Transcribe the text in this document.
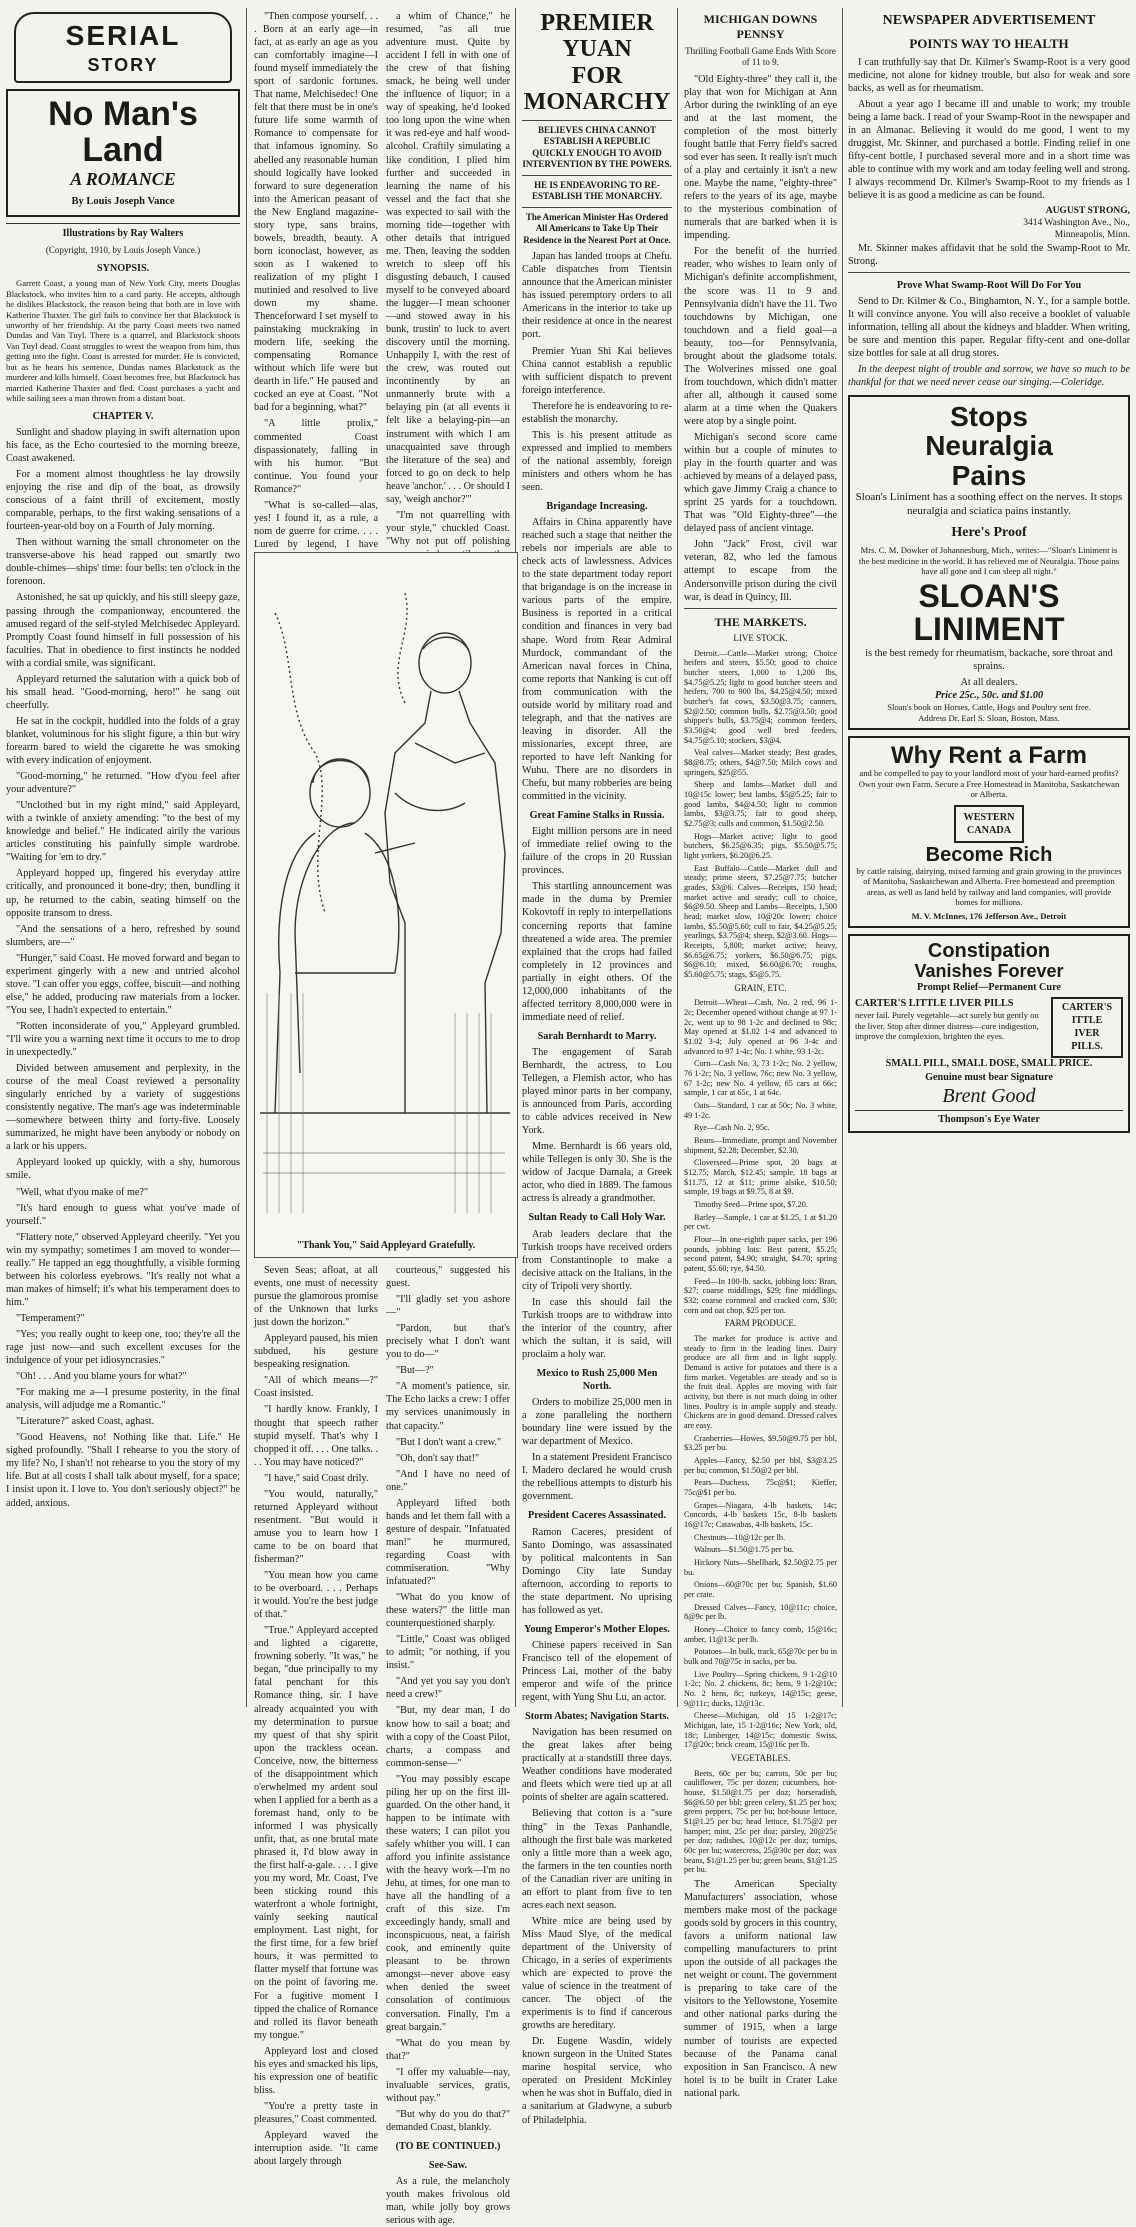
SERIAL
STORY
No Man's
Land
A ROMANCE
By Louis Joseph Vance
Illustrations by Ray Walters
(Copyright, 1910, by Louis Joseph Vance.)
SYNOPSIS.

Garrett Coast, a young man of New York City, meets Douglas Blackstock, who invites him to a card party. He accepts, although he dislikes Blackstock, the reason being that both are in love with Katherine Thaxter. The girl fails to convince her that Blackstock is unworthy of her friendship. At the party Coast meets two named Dundas and Van Tuyl. There is a quarrel, and Blackstock shoots Van Tuyl dead. Coast struggles to wrest the weapon from him, thus getting into the fight. Coast is arrested for murder. He is convicted, but as he hears his sentence, Dundas names Blackstock as the murderer and kills himself. Coast becomes free, but Blackstock has married Katherine Thaxter and fled. Coast purchases a yacht and while sailing sees a man thrown from a distant boat.

CHAPTER V.

Sunlight and shadow playing in swift alternation upon his face, as the Echo courtesied to the morning breeze, Coast awakened.

For a moment almost thoughtless he lay drowsily enjoying the rise and dip of the boat, as drowsily conscious of a faint thrill of excitement, mostly comparable, perhaps, to the first waking sensations of a fourteen-year-old boy on a Fourth of July morning.

Then without warning the small chronometer on the transverse-above his head rapped out smartly two double-chimes—ships' time: four bells: ten o'clock in the forenoon.

Astonished, he sat up quickly, and his still sleepy gaze, passing through the companionway, encountered the amused regard of the self-styled Melchisedec Appleyard. Promptly Coast found himself in full possession of his faculties. That in obedience to first instincts he nodded with a cordial smile, was significant.

Appleyard returned the salutation with a quick bob of his small head. "Good-morning, hero!" he sang out cheerfully.

He sat in the cockpit, huddled into the folds of a gray blanket, voluminous for his slight figure, a thin but wiry forearm bared to wield the cigarette he was smoking with every indication of enjoyment.

"Good-morning," he returned. "How d'you feel after your adventure?"

"Unclothed but in my right mind," said Appleyard, with a twinkle of anxiety amending: "to the best of my knowledge and belief." He indicated airily the various articles constituting his painfully simple wardrobe. "Waiting for 'em to dry."

Appleyard hopped up, fingered his everyday attire critically, and pronounced it bone-dry; then, bundling it up, he returned to the cabin, seating himself on the opposite transom to dress.

"And the sensations of a hero, refreshed by sound slumbers, are—"

"Hunger," said Coast. He moved forward and began to experiment gingerly with a new and untried alcohol stove. "I can offer you eggs, coffee, biscuit—and nothing else," he added, producing raw materials from a locker. "You see, I hadn't expected to entertain."

"Rotten inconsiderate of you," Appleyard grumbled. "I'll wire you a warning next time it occurs to me to drop in unexpectedly."

Divided between amusement and perplexity, in the course of the meal Coast reviewed a personality singularly enriched by a variety of suggestions consistently negative. The man's age was indeterminable—somewhere between thirty and forty-five. Loosely summarized, he might have been anybody or nobody on a lark or his uppers.

Appleyard looked up quickly, with a shy, humorous smile.

"Well, what d'you make of me?"

"It's hard enough to guess what you've made of yourself."

"Flattery note," observed Appleyard cheerily. "Yet you win my sympathy; sometimes I am moved to wonder—really." He tapped an egg thoughtfully, a visible forming between his colorless eyebrows. "It's really not what a man makes of himself; it's what his temperament does to him."

"Temperament?"

"Yes; you really ought to keep one, too; they're all the rage just now—and such excellent excuses for the indulgence of your pet idiosyncrasies."

"Oh! . . . And you blame yours for what?"

"For making me a—I presume posterity, in the final analysis, will adjudge me a Romantic."

"Literature?" asked Coast, aghast.

"Good Heavens, no! Nothing like that. Life." He sighed profoundly. "Shall I rehearse to you the story of my life? No, I shan't! not rehearse to you the story of my life. But at all costs I shall talk about myself, for a space; I insist upon it. I love to. You don't seriously object?" he added, anxious.

"Then compose yourself. . . . Born at an early age—in fact, at as early an age as you can comfortably imagine—I found myself immediately the sport of sardonic fortunes. That name, Melchisedec! One felt that there must be in one's future life some warmth of Romance to compensate for that infamous ignominy. So abelled any reasonable human should logically have looked forward to sure degeneration into the American peasant of the New England magazine-story type, sans brains, bowels, breadth, beauty. A born iconoclast, however, as soon as I wakened to realization of my plight I mutinied and resolved to live down my shame. Thenceforward I set myself to painstaking muckraking in modern life, seeking the compensating Romance without which life were but dearth in life." He paused and cocked an eye at Coast. "Not bad for a beginning, what?"

"A little prolix," commented Coast dispassionately, falling in with his humor. "But continue. You found your Romance?"

"What is so-called—alas, yes! I found it, as a rule, a nom de guerre for crime. . . . Lured by legend, I have

a whim of Chance," he resumed, "as all true adventure must. Quite by accident I fell in with one of the crew of that fishing smack, he being well under the influence of liquor; in a way of speaking, he'd looked too long upon the wine when it was red-eye and half wood-alcohol. Craftily simulating a like condition, I plied him further and succeeded in learning the name of his vessel and the fact that she was expected to sail with the morning tide—together with other details that intrigued me. Then, leaving the sodden wretch to sleep off his disgusting debauch, I caused myself to be conveyed aboard the lugger—I mean schooner—and stowed away in his bunk, trustin' to luck to avert discovery until the morning. Unhappily I, with the rest of the crew, was routed out incontinently by an unmannerly brute with a belaying pin (at all events it felt like a belaying-pin—an instrument with which I am unacquainted save through the literature of the sea) and forced to go on deck to help heave 'anchor.' . . . Or should I say, 'weigh anchor?'"

"I'm not quarrelling with your style," chuckled Coast. "Why not put off polishing

"Thank You," Said Appleyard Gratefully.

Seven Seas; afloat, at all events, one must of necessity pursue the glamorous promise of the Unknown that lurks just down the horizon."

Appleyard paused, his mien subdued, his gesture bespeaking resignation.

"All of which means—?" Coast insisted.

"I hardly know. Frankly, I thought that speech rather stupid myself. That's why I chopped it off. . . . One talks. . . . You may have noticed?"

"I have," said Coast drily.

"You would, naturally," returned Appleyard without resentment. "But would it amuse you to learn how I came to be on board that fisherman?"

"You mean how you came to be overboard. . . . Perhaps it would. You're the best judge of that."

"True." Appleyard accepted and lighted a cigarette, frowning soberly. "It was," he began, "due principally to my fatal penchant for this Romance thing, sir. I have already acquainted you with my determination to pursue my quest of that shy spirit upon the trackless ocean. Conceive, now, the bitterness of the disappointment which o'erwhelmed my ardent soul when I applied for a berth as a foremast hand, only to be informed I was physically unfit, that, as one brutal mate phrased it, I'd blow away in the first half-a-gale. . . . I give you my word, Mr. Coast, I've been sticking round this waterfront a whole fortnight, vainly seeking nautical employment. Last night, for the first time, for a few brief hours, it was permitted to flatter myself that fortune was on the point of favoring me. For a fugitive moment I tipped the chalice of Romance and rolled its flavor beneath my tongue."

Appleyard lost and closed his eyes and smacked his lips, his expression one of beatific bliss.

"You're a pretty taste in pleasures," Coast commented.

Appleyard waved the interruption aside. "It came about largely through

courteous," suggested his guest.

"I'll gladly set you ashore—"

"Pardon, but that's precisely what I don't want you to do—"

"But—?"

"A moment's patience, sir. The Echo lacks a crew: I offer my services unanimously in that capacity."

"But I don't want a crew."

"Oh, don't say that!"

"And I have no need of one."

Appleyard lifted both hands and let them fall with a gesture of despair. "Infatuated man!" he murmured, regarding Coast with commiseration. "Why infatuated?"

"What do you know of these waters?" the little man counterquestioned sharply.

"Little," Coast was obliged to admit; "or nothing, if you insist."

"And yet you say you don't need a crew!"

"But, my dear man, I do know how to sail a boat; and with a copy of the Coast Pilot, charts, a compass and common-sense—"

"You may possibly escape piling her up on the first ill-guarded. On the other hand, it happen to be intimate with these waters; I can pilot you safely whither you will. I can afford you infinite assistance with the heavy work—I'm no Jehu, at times, for one man to have all the handling of a craft of this size. I'm exceedingly handy, small and inconspicuous, neat, a fairish cook, and eminently quite pleasant to be thrown amongst—never above easy when denied the sweet consolation of continuous conversation. Finally, I'm a great bargain."

"What do you mean by that?"

"I offer my valuable—nay, invaluable services, gratis, without pay."

"But why do you do that?" demanded Coast, blankly.

(TO BE CONTINUED.)
See-Saw.

As a rule, the melancholy youth makes frivolous old man, while jolly boy grows serious with age.

PREMIER YUAN
FOR MONARCHY
BELIEVES CHINA CANNOT ESTABLISH A REPUBLIC QUICKLY ENOUGH TO AVOID INTERVENTION BY THE POWERS.
HE IS ENDEAVORING TO RE-ESTABLISH THE MONARCHY.
The American Minister Has Ordered All Americans to Take Up Their Residence in the Nearest Port at Once.

Japan has landed troops at Chefu. Cable dispatches from Tientsin announce that the American minister has issued peremptory orders to all Americans in the interior to take up their residence at once in the nearest port.

Premier Yuan Shi Kai believes China cannot establish a republic with sufficient dispatch to prevent foreign interference.

Therefore he is endeavoring to re-establish the monarchy.

This is his present attitude as expressed and implied to members of the national assembly, foreign ministers and others whom he has seen.

Brigandage Increasing.

Affairs in China apparently have reached such a stage that neither the rebels nor imperials are able to check acts of lawlessness. Advices to the state department today report that brigandage is on the increase in various parts of the empire. Business is reported in a critical condition and finances in very bad shape. Word from Rear Admiral Murdock, commandant of the American naval forces in China, come reports that Nanking is cut off from communication with the outside world by military road and telegraph, and that the natives are leaving in disorder. All the missionaries, except three, are reported to have left Nanking for Wuhu. There are no disorders in Chefu, but many robberies are being committed in the vicinity.

Great Famine Stalks in Russia.

Eight million persons are in need of immediate relief owing to the failure of the crops in 20 Russian provinces.

This startling announcement was made in the duma by Premier Kokovtoff in reply to interpellations concerning reports that famine threatened a wide area. The premier explained that the crops had failed completely in 12 provinces and partially in eight others. Of the 12,000,000 inhabitants of the affected territory 8,000,000 were in immediate need of relief.

Sarah Bernhardt to Marry.

The engagement of Sarah Bernhardt, the actress, to Lou Tellegen, a Flemish actor, who has played minor parts in her company, is announced from Paris, according to cable advices received in New York.

Mme. Bernhardt is 66 years old, while Tellegen is only 30. She is the widow of Jacque Damala, a Greek actor, who died in 1889. The famous actress is already a grandmother.

Sultan Ready to Call Holy War.

Arab leaders declare that the Turkish troops have received orders from Constantinople to make a decisive attack on the Italians, in the city of Tripoli very shortly.

In case this should fail the Turkish troops are to withdraw into the interior of the country, after which the sultan, it is said, will proclaim a holy war.

Mexico to Rush 25,000 Men North.

Orders to mobilize 25,000 men in a zone paralleling the northern boundary line were issued by the war department of Mexico.

In a statement President Francisco I. Madero declared he would crush the rebellious attempts to disturb his government.

President Caceres Assassinated.

Ramon Caceres, president of Santo Domingo, was assassinated by political malcontents in San Domingo City late Sunday afternoon, according to reports to the state department. No uprising has followed as yet.

Young Emperor's Mother Elopes.

Chinese papers received in San Francisco tell of the elopement of Princess Lai, mother of the baby emperor and wife of the prince regent, with Yung Shu Lu, an actor.

Storm Abates; Navigation Starts.

Navigation has been resumed on the great lakes after being practically at a standstill three days. Weather conditions have moderated and fleets which were tied up at all points of shelter are again scattered.

Believing that cotton is a "sure thing" in the Texas Panhandle, although the first bale was marketed only a little more than a week ago, the farmers in the ten counties north of the Canadian river are uniting in an effort to plant from five to ten acres each next season.

White mice are being used by Miss Maud Slye, of the medical department of the University of Chicago, in a series of experiments which are expected to prove the value of science in the treatment of cancer. The object of the experiments is to find if cancerous growths are hereditary.

Dr. Eugene Wasdin, widely known surgeon in the United States marine hospital service, who operated on President McKinley when he was shot in Buffalo, died in a sanitarium at Gladwyne, a suburb of Philadelphia.

MICHIGAN DOWNS PENNSY
Thrilling Football Game Ends With Score of 11 to 9.

"Old Eighty-three" they call it, the play that won for Michigan at Ann Arbor during the twinkling of an eye and at the last moment, the completion of the most bitterly fought battle that Ferry field's sacred sod ever has seen. It really isn't much of a play and certainly it isn't a new one. Maybe the name, "eighty-three" refers to the years of its age, maybe to the mysterious combination of numerals that are barked when it is impending.

For the benefit of the hurried reader, who wishes to learn only of Michigan's definite accomplishment, the score was 11 to 9 and Pennsylvania didn't have the 11. Two touchdowns by Michigan, one touchdown and a field goal—a beauty, too—for Pennsylvania, brought about the gladsome totals. The Wolverines missed one goal from touchdown, which didn't matter after all, although it caused some alarm at a time when the Quakers were atop by a single point.

Michigan's second score came within but a couple of minutes to play in the fourth quarter and was achieved by means of a delayed pass, which gave Jimmy Craig a chance to sprint 25 yards for a touchdown. That was "Old Eighty-three"—the delayed pass of ancient vintage.

John "Jack" Frost, civil war veteran, 82, who led the famous attempt to escape from the Andersonville prison during the civil war, is dead in Quincy, Ill.

THE MARKETS.
LIVE STOCK.

Detroit.—Cattle—Market strong; Choice heifers and steers, $5.50; good to choice butcher steers, 1,000 to 1,200 lbs, $4.75@5.25; light to good butcher steers and heifers, 700 to 900 lbs, $4.25@4.50; mixed butcher's fat cows, $3.50@3.75; canners, $2@2.50; common bulls, $2.75@3.50; good shipper's bulls, $3.75@4; common feeders, $3.50@4; good well bred feeders, $4.75@5.10; stockers, $3@4.

Veal calves—Market steady; Best grades, $8@8.75; others, $4@7.50; Milch cows and springers, $25@55.

Sheep and lambs—Market dull and 10@15c lower; best lambs, $5@5.25; fair to good lambs, $4@4.50; light to common lambs, $3@3.75; fair to good sheep, $2.75@3; culls and common, $1.50@2.50.

Hogs—Market active; light to good butchers, $6.25@6.35; pigs, $5.50@5.75; light yorkers, $6.20@6.25.

East Buffalo—Cattle—Market dull and steady; prime steers, $7.25@7.75; butcher grades, $3@6. Calves—Receipts, 150 head; market active and steady; cull to choice, $6@9.50. Sheep and Lambs—Receipts, 1,500 head; market slow, 10@20c lower; choice lambs, $5.50@5.60; cull to fair, $4.25@5.25; yearlings, $3.75@4; sheep, $2@3.60. Hogs—Receipts, 5,800; market active; heavy, $6.65@6.75; yorkers, $6.50@6.75; pigs, $6@6.10; mixed, $6.60@6.70; roughs, $5.60@5.75; stags, $5@5.75.

GRAIN, ETC.

Detroit—Wheat—Cash, No. 2 red, 96 1-2c; December opened without change at 97 1-2c, went up to 98 1-2c and declined to 98c; May opened at $1.02 1-4 and advanced to $1.02 3-4; July opened at 96 3-4c and advanced to 97 1-4c; No. 1 white, 93 1-2c.

Corn—Cash No. 3, 73 1-2c; No. 2 yellow, 76 1-2c; No. 3 yellow, 76c; new No. 3 yellow, 67 1-2c; new No. 4 yellow, 65 cars at 66c; sample, 1 car at 65c, 1 at 64c.

Oats—Standard, 1 car at 50c; No. 3 white, 49 1-2c.

Rye—Cash No. 2, 95c.

Beans—Immediate, prompt and November shipment, $2.28; December, $2.30.

Cloverseed—Prime spot, 20 bags at $12.75; March, $12.45; sample, 18 bags at $11.75, 12 at $11; prime alsike, $10.50; sample, 19 bags at $9.75, 8 at $9.

Timothy Seed—Prime spot, $7.20.

Barley—Sample, 1 car at $1.25, 1 at $1.20 per cwt.

Flour—In one-eighth paper sacks, per 196 pounds, jobbing lots: Best patent, $5.25; second patent, $4.90; straight, $4.70; spring patent, $5.60; rye, $4.50.

Feed—In 100-lb. sacks, jobbing lots: Bran, $27; coarse middlings, $29; fine middlings, $32; coarse cornmeal and cracked corn, $30; corn and oat chop, $25 per ton.

FARM PRODUCE.

The market for produce is active and steady to firm in the leading lines. Dairy produce are all firm and in light supply. Demand is active for potatoes and there is a firm market. Vegetables are steady and so is the fruit deal. Apples are moving with fair activity, but there is not much doing in other lines. Poultry is in ample supply and steady. Chickens are in good demand. Dressed calves are easy.

Cranberries—Howes, $9.50@9.75 per bbl, $3.25 per bu.

Apples—Fancy, $2.50 per bbl, $3@3.25 per bu; common, $1.50@2 per bbl.

Pears—Duchess, 75c@$1; Kieffer, 75c@$1 per bu.

Grapes—Niagara, 4-lb baskets, 14c; Concords, 4-lb baskets 15c, 8-lb baskets 16@17c; Catawabas, 4-lb baskets, 15c.

Chestnuts—10@12c per lb.

Walnuts—$1.50@1.75 per bu.

Hickory Nuts—Shellbark, $2.50@2.75 per bu.

Onions—60@70c per bu; Spanish, $1.60 per crate.

Dressed Calves—Fancy, 10@11c; choice, 8@9c per lb.

Honey—Choice to fancy comb, 15@16c; amber, 11@13c per lb.

Potatoes—In bulk, track, 65@70c per bu in bulk and 70@75c in sacks, per bu.

Live Poultry—Spring chickens, 9 1-2@10 1-2c; No. 2 chickens, 8c; hens, 9 1-2@10c; No. 2 hens, 8c; turkeys, 14@15c; geese, 9@11c; ducks, 12@13c.

Cheese—Michigan, old 15 1-2@17c; Michigan, late, 15 1-2@16c; New York, old, 18c; Limberger, 14@15c; domestic Swiss, 17@20c; brick cream, 15@16c per lb.

VEGETABLES.

Beets, 60c per bu; carrots, 50c per bu; cauliflower, 75c per dozen; cucumbers, hot-house, $1.50@1.75 per doz; horseradish, $6@6.50 per bbl; green celery, $1.25 per box; green peppers, 75c per bu; hot-house lettuce, $1@1.25 per bu; head lettuce, $1.75@2 per hamper; mint, 25c per doz; parsley, 20@25c per doz; radishes, 10@12c per doz; turnips, 60c per bu; watercress, 25@30c per doz; wax beans, $1@1.25 per bu; green beans, $1@1.25 per bu.

The American Specialty Manufacturers' association, whose members make most of the package goods sold by grocers in this country, favors a uniform national law compelling manufacturers to print upon the outside of all packages the net weight or count. The government is preparing to take care of the visitors to the Yellowstone, Yosemite and other national parks during the summer of 1915, when a large number of tourists are expected because of the Panama canal exposition in San Francisco. A new hotel is to be built in Crater Lake national park.

NEWSPAPER ADVERTISEMENT
POINTS WAY TO HEALTH

I can truthfully say that Dr. Kilmer's Swamp-Root is a very good medicine, not alone for kidney trouble, but also for weak and sore backs, as well as for rheumatism.

About a year ago I became ill and unable to work; my trouble being a lame back. I read of your Swamp-Root in the newspaper and in an Almanac. Believing it would do me good, I went to my druggist, Mr. Skinner, and purchased a bottle. Finding relief in one fifty-cent bottle, I purchased several more and in a short time was able to continue with my work and am today feeling well and strong. I always recommend Dr. Kilmer's Swamp-Root to my friends as I believe it is as good a medicine as can be found.

AUGUST STRONG,
3414 Washington Ave., No.,
Minneapolis, Minn.

Mr. Skinner makes affidavit that he sold the Swamp-Root to Mr. Strong.

Prove What Swamp-Root Will Do For You

Send to Dr. Kilmer & Co., Binghamton, N. Y., for a sample bottle. It will convince anyone. You will also receive a booklet of valuable information, telling all about the kidneys and bladder. When writing, be sure and mention this paper. Regular fifty-cent and one-dollar size bottles for sale at all drug stores.

In the deepest night of trouble and sorrow, we have so much to be thankful for that we need never cease our singing.—Coleridge.

Stops
Neuralgia
Pains

Sloan's Liniment has a soothing effect on the nerves. It stops neuralgia and sciatica pains instantly.

Here's Proof

Mrs. C. M. Dowker of Johannesburg, Mich., writes:—"Sloan's Liniment is the best medicine in the world. It has relieved me of Neuralgia. Those pains have all gone and I can sleep all night."

SLOAN'S
LINIMENT

is the best remedy for rheumatism, backache, sore throat and sprains.

At all dealers.
Price 25c., 50c. and $1.00
Sloan's book on Horses, Cattle, Hogs and Poultry sent free.
Address Dr. Earl S. Sloan, Boston, Mass.
Why Rent a Farm

and be compelled to pay to your landlord most of your hard-earned profits? Own your own Farm. Secure a Free Homestead in Manitoba, Saskatchewan or Alberta.

WESTERN
CANADA
Become Rich

by cattle raising, dairying, mixed farming and grain growing in the provinces of Manitoba, Saskatchewan and Alberta. Free homestead and preemption areas, as well as land held by railway and land companies, will provide homes for millions.

M. V. McInnes, 176 Jefferson Ave., Detroit
Constipation
Vanishes Forever
Prompt Relief—Permanent Cure
CARTER'S LITTLE LIVER PILLS

never fail. Purely vegetable—act surely but gently on the liver. Stop after dinner distress—cure indigestion, improve the complexion, brighten the eyes.

CARTER'S
ITTLE
IVER
PILLS.
SMALL PILL, SMALL DOSE, SMALL PRICE.
Genuine must bear Signature
Brent Good
Thompson's Eye Water
